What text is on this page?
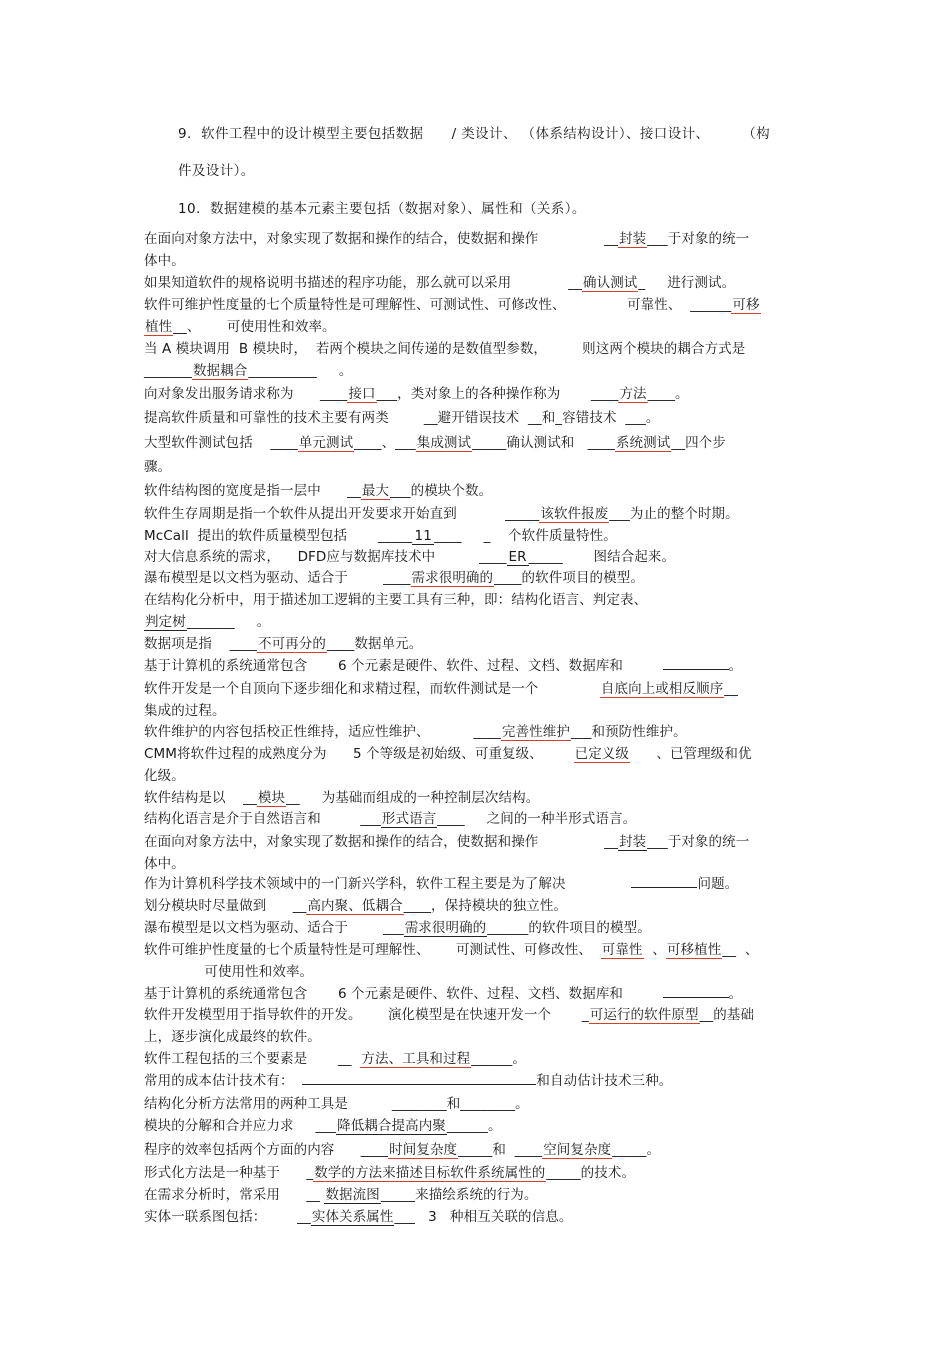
9.  软件工程中的设计模型主要包括数据      / 类设计、 （体系结构设计）、接口设计、       （构
件及设计）。
10.  数据建模的基本元素主要包括（数据对象）、属性和（关系）。
在面向对象方法中，对象实现了数据和操作的结合，使数据和操作               __封装___于对象的统一
体中。
如果知道软件的规格说明书描述的程序功能，那么就可以采用             __确认测试_     进行测试。
软件可维护性度量的七个质量特性是可理解性、可测试性、可修改性、              可靠性、  ______可移
植性__、      可使用性和效率。
当 A 模块调用  B 模块时，  若两个模块之间传递的是数值型参数，        则这两个模块的耦合方式是
_______数据耦合__________     。
向对象发出服务请求称为      ____接口___，类对象上的各种操作称为       ____方法____。
提高软件质量和可靠性的技术主要有两类        __避开错误技术  __和_容错技术  ___。
大型软件测试包括    ____单元测试____、___集成测试_____确认测试和   ____系统测试__四个步
骤。
软件结构图的宽度是指一层中      __最大___的模块个数。
软件生存周期是指一个软件从提出开发要求开始直到           _____该软件报废___为止的整个时期。
McCall  提出的软件质量模型包括       _____ 11 ____     _    个软件质量特性。
对大信息系统的需求，    DFD应与数据库技术中          ____ ER _____       图结合起来。
瀑布模型是以文档为驱动、适合于        ____需求很明确的____的软件项目的模型。
在结构化分析中，用于描述加工逻辑的主要工具有三种，即：结构化语言、判定表、
判定树_______     。
数据项是指    ____不可再分的____数据单元。
基于计算机的系统通常包含       6 个元素是硬件、软件、过程、文档、数据库和	。
软件开发是一个自顶向下逐步细化和求精过程，而软件测试是一个              自底向上或相反顺序__
集成的过程。
软件维护的内容包括校正性维持，适应性维护、          ____完善性维护___和预防性维护。
CMM将软件过程的成熟度分为      5 个等级是初始级、可重复级、       已定义级      、已管理级和优
化级。
软件结构是以    __模块__     为基础而组成的一种控制层次结构。
结构化语言是介于自然语言和         ___形式语言____     之间的一种半形式语言。
在面向对象方法中，对象实现了数据和操作的结合，使数据和操作               __封装___于对象的统一
体中。
作为计算机科学技术领域中的一门新兴学科，软件工程主要是为了解决	问题。
划分模块时尽量做到      __高内聚、低耦合____，保持模块的独立性。
瀑布模型是以文档为驱动、适合于        ___需求很明确的______的软件项目的模型。
软件可维护性度量的七个质量特性是可理解性、      可测试性、可修改性、  可靠性  、可移植性__  、
可使用性和效率。
基于计算机的系统通常包含       6 个元素是硬件、软件、过程、文档、数据库和	。
软件开发模型用于指导软件的开发。      演化模型是在快速开发一个       _可运行的软件原型__的基础
上，逐步演化成最终的软件。
软件工程包括的三个要素是       __  方法、工具和过程______。
常用的成本估计技术有：	和自动估计技术三种。
结构化分析方法常用的两种工具是          ________和________。
模块的分解和合并应力求     ___降低耦合提高内聚______。
程序的效率包括两个方面的内容      ____时间复杂度_____和  ____空间复杂度_____。
形式化方法是一种基于      _数学的方法来描述目标软件系统属性的_____的技术。
在需求分析时，常采用      __ 数据流图_____来描绘系统的行为。
实体一联系图包括：       __实体关系属性___   3   种相互关联的信息。
